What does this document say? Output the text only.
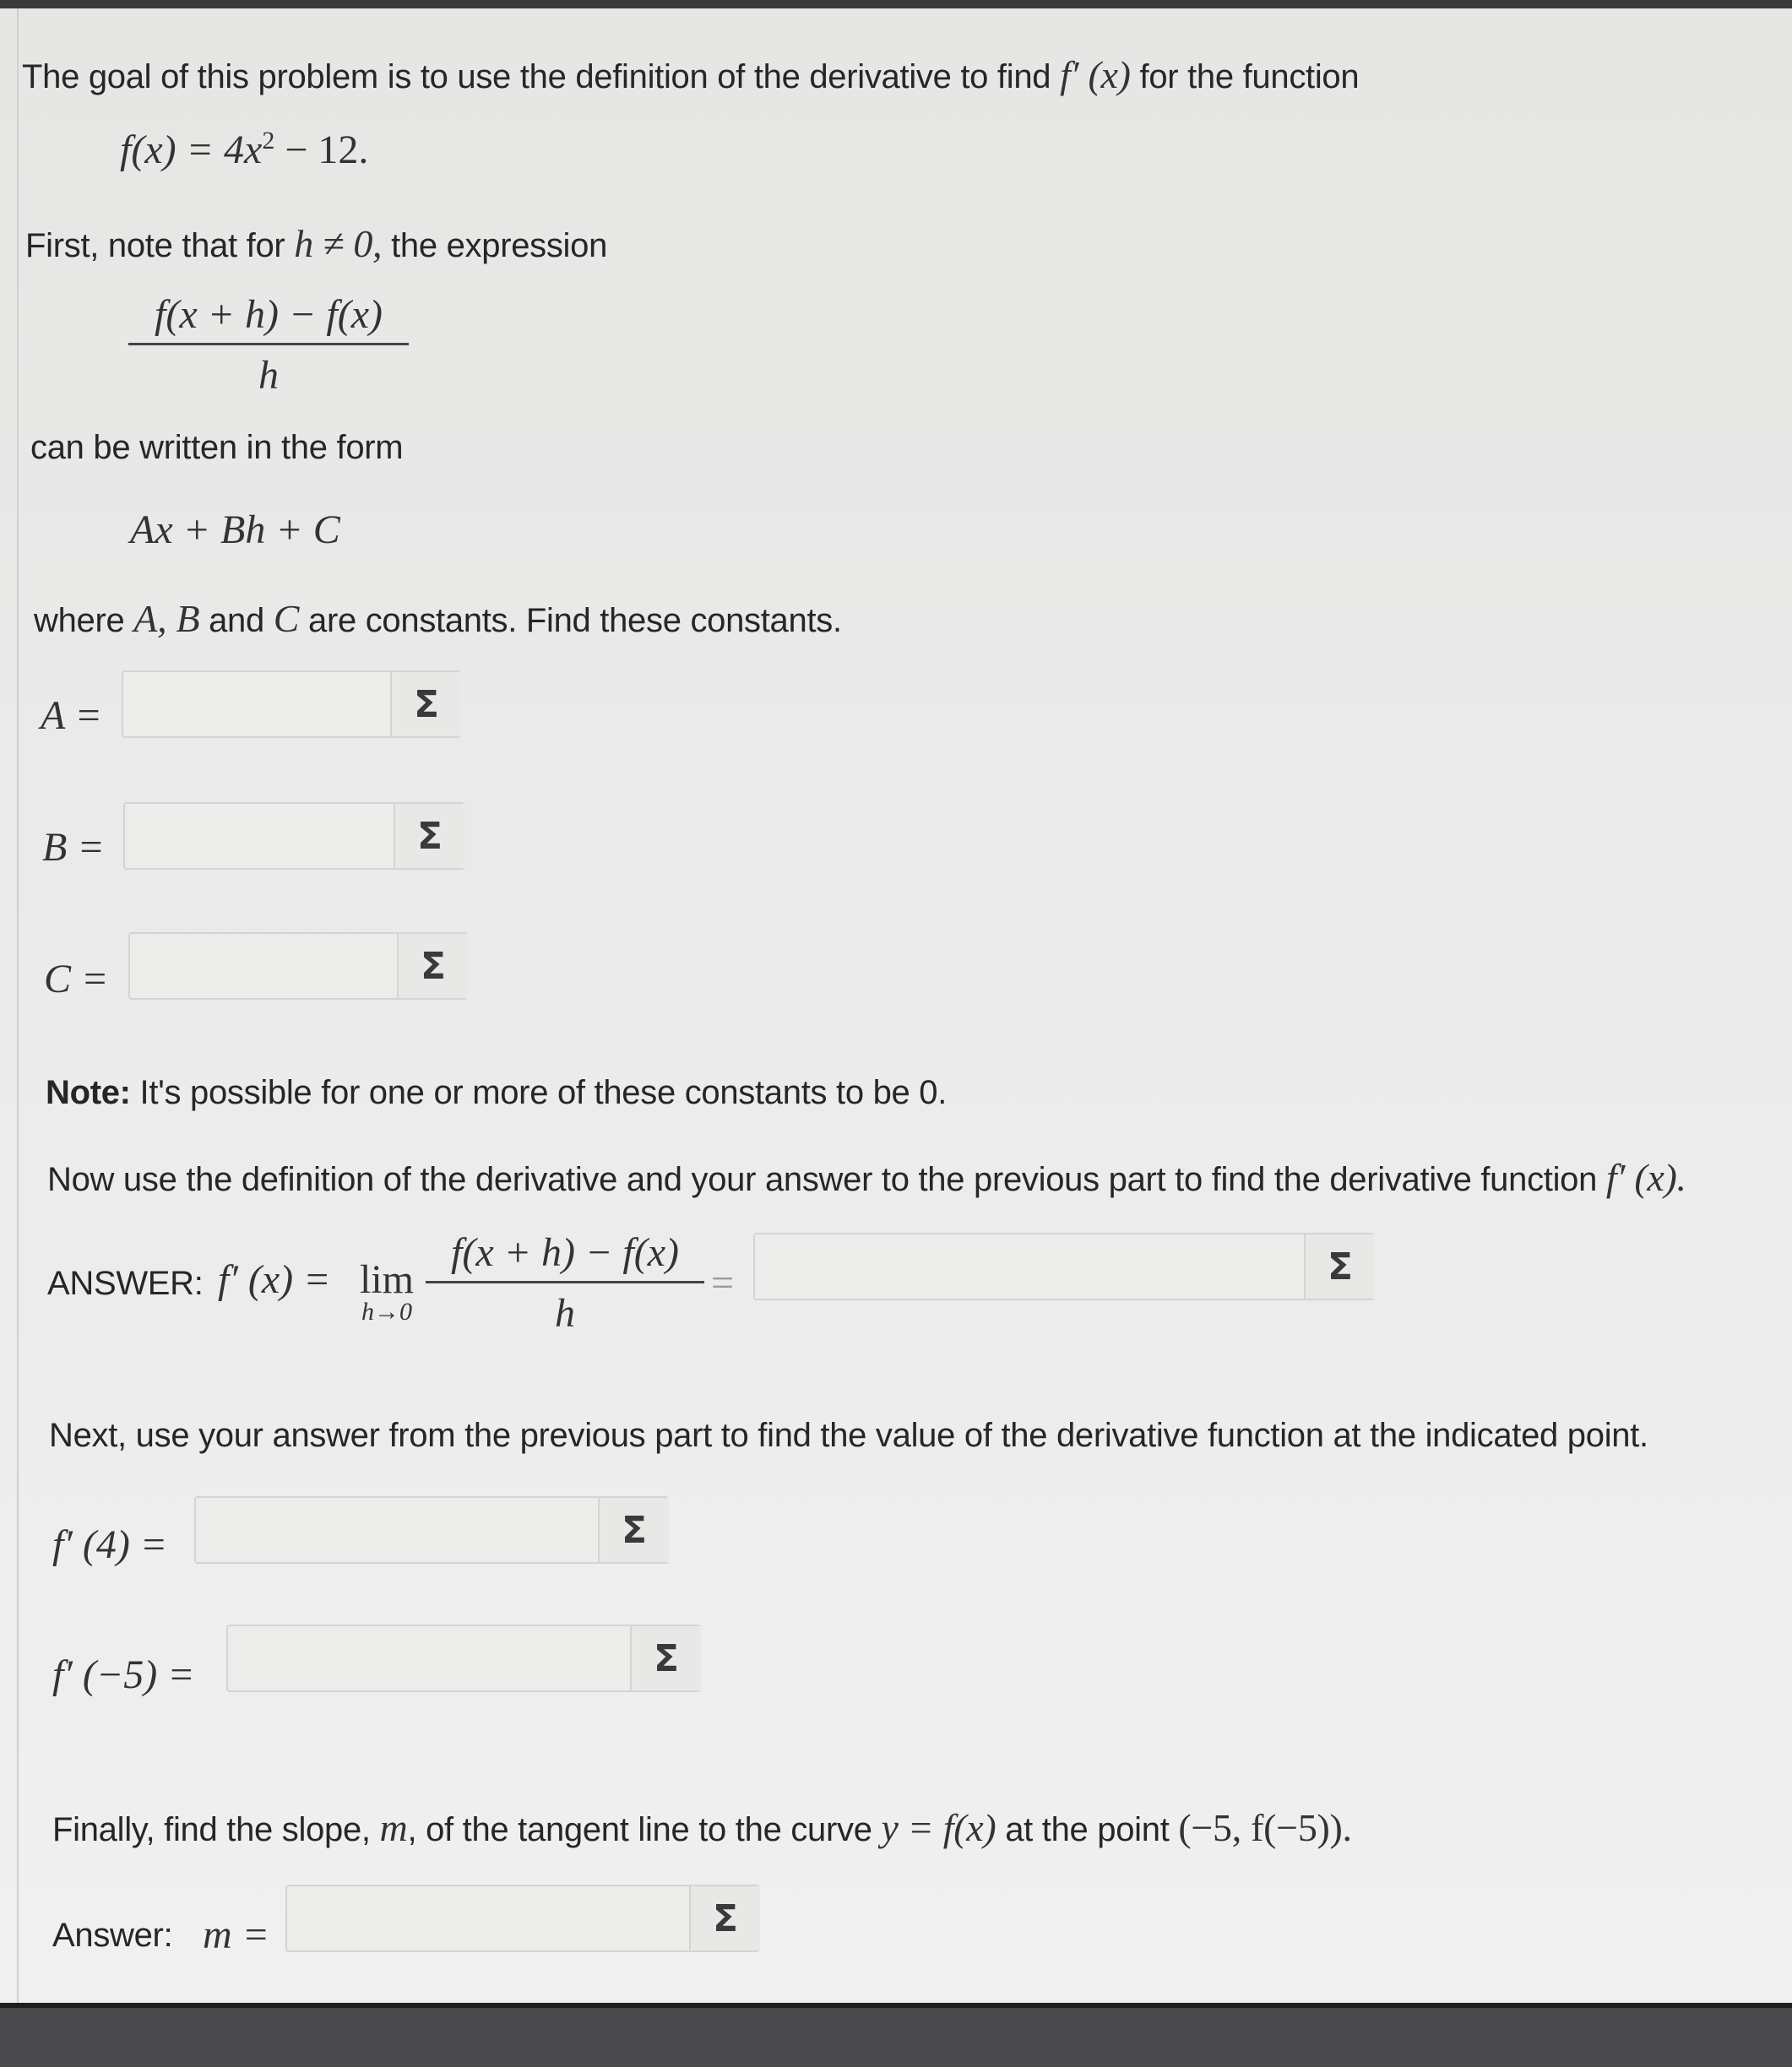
The goal of this problem is to use the definition of the derivative to find f′ (x) for the function
$f(x) = 4x^2 - 12$.
First, note that for h ≠ 0, the expression
f(x + h) − f(x)
h
can be written in the form
Ax + Bh + C
where A, B and C are constants. Find these constants.
A =	Σ
B =	Σ
C =	Σ
Note: It's possible for one or more of these constants to be 0.
Now use the definition of the derivative and your answer to the previous part to find the derivative function f′ (x).
ANSWER: f′ (x) = lim
h→0
f(x + h) − f(x)
h
=	Σ
Next, use your answer from the previous part to find the value of the derivative function at the indicated point.
f′ (4) =	Σ
f′ (−5) =	Σ
Finally, find the slope, m, of the tangent line to the curve y = f(x) at the point (−5, f(−5)).
Answer: m =	Σ
